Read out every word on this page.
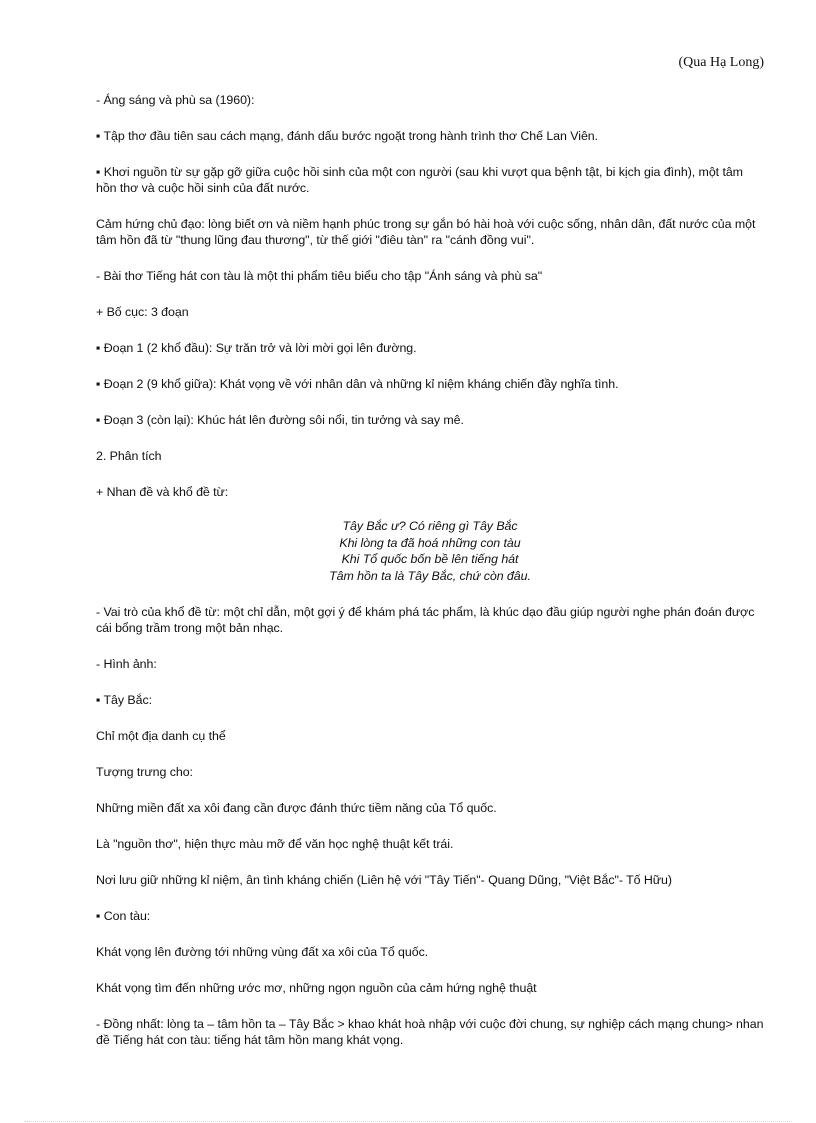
(Qua Hạ Long)

- Áng sáng và phù sa (1960):

▪ Tập thơ đầu tiên sau cách mạng, đánh dấu bước ngoặt trong hành trình thơ Chế Lan Viên.

▪ Khơi nguồn từ sự gặp gỡ giữa cuộc hồi sinh của một con người (sau khi vượt qua bệnh tật, bi kịch gia đình), một tâm hồn thơ và cuộc hồi sinh của đất nước.

Cảm hứng chủ đạo: lòng biết ơn và niềm hạnh phúc trong sự gắn bó hài hoà với cuộc sống, nhân dân, đất nước của một tâm hồn đã từ "thung lũng đau thương", từ thế giới "điêu tàn" ra "cánh đồng vui".

- Bài thơ Tiếng hát con tàu là một thi phẩm tiêu biểu cho tập "Ánh sáng và phù sa"

+ Bố cục: 3 đoạn

▪ Đoạn 1 (2 khổ đầu): Sự trăn trở và lời mời gọi lên đường.

▪ Đoạn 2 (9 khổ giữa): Khát vọng về với nhân dân và những kỉ niệm kháng chiến đầy nghĩa tình.

▪ Đoạn 3 (còn lại): Khúc hát lên đường sôi nổi, tin tưởng và say mê.

2. Phân tích

+ Nhan đề và khổ đề từ:

Tây Bắc ư? Có riêng gì Tây Bắc
Khi lòng ta đã hoá những con tàu
Khi Tổ quốc bốn bề lên tiếng hát
Tâm hồn ta là Tây Bắc, chứ còn đâu.

- Vai trò của khổ đề từ: một chỉ dẫn, một gợi ý để khám phá tác phẩm, là khúc dạo đầu giúp người nghe phán đoán được cái bổng trầm trong một bản nhạc.

- Hình ảnh:

▪ Tây Bắc:

Chỉ một địa danh cụ thể

Tượng trưng cho:

Những miền đất xa xôi đang cần được đánh thức tiềm năng của Tổ quốc.

Là "nguồn thơ", hiện thực màu mỡ để văn học nghệ thuật kết trái.

Nơi lưu giữ những kỉ niệm, ân tình kháng chiến (Liên hệ với "Tây Tiến"- Quang Dũng, "Việt Bắc"- Tố Hữu)

▪ Con tàu:

Khát vọng lên đường tới những vùng đất xa xôi của Tổ quốc.

Khát vọng tìm đến những ước mơ, những ngọn nguồn của cảm hứng nghệ thuật

- Đồng nhất: lòng ta – tâm hồn ta – Tây Bắc > khao khát hoà nhập với cuộc đời chung, sự nghiệp cách mạng chung> nhan đề Tiếng hát con tàu: tiếng hát tâm hồn mang khát vọng.
